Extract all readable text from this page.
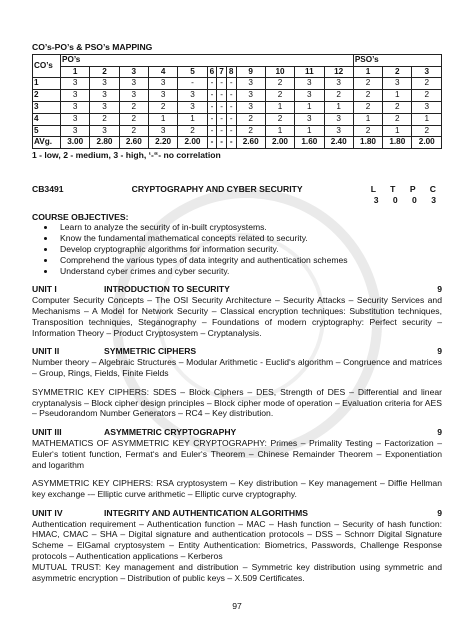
CO’s-PO’s & PSO’s MAPPING
CO’s	PO’s												PSO’s		
	1	2	3	4	5	6	7	8	9	10	11	12	1	2	3
1	3	3	3	3	-	-	-	-	3	2	3	3	2	3	2
2	3	3	3	3	3	-	-	-	3	2	3	2	2	1	2
3	3	3	2	2	3	-	-	-	3	1	1	1	2	2	3
4	3	2	2	1	1	-	-	-	2	2	3	3	1	2	1
5	3	3	2	3	2	-	-	-	2	1	1	3	2	1	2
AVg.	3.00	2.80	2.60	2.20	2.00	-	-	-	2.60	2.00	1.60	2.40	1.80	1.80	2.00
1 - low, 2 - medium, 3 - high, ‘-“- no correlation
CB3491	CRYPTOGRAPHY AND CYBER SECURITY	L T P C
3 0 0 3
COURSE OBJECTIVES:
• Learn to analyze the security of in-built cryptosystems.
• Know the fundamental mathematical concepts related to security.
• Develop cryptographic algorithms for information security.
• Comprehend the various types of data integrity and authentication schemes
• Understand cyber crimes and cyber security.
UNIT I	INTRODUCTION TO SECURITY	9

Computer Security Concepts – The OSI Security Architecture – Security Attacks – Security Services and Mechanisms – A Model for Network Security – Classical encryption techniques: Substitution techniques, Transposition techniques, Steganography – Foundations of modern cryptography: Perfect security – Information Theory – Product Cryptosystem – Cryptanalysis.

UNIT II	SYMMETRIC CIPHERS	9

Number theory – Algebraic Structures – Modular Arithmetic - Euclid‘s algorithm – Congruence and matrices – Group, Rings, Fields, Finite Fields

SYMMETRIC KEY CIPHERS: SDES – Block Ciphers – DES, Strength of DES – Differential and linear cryptanalysis – Block cipher design principles – Block cipher mode of operation – Evaluation criteria for AES – Pseudorandom Number Generators – RC4 – Key distribution.

UNIT III	ASYMMETRIC CRYPTOGRAPHY	9

MATHEMATICS OF ASYMMETRIC KEY CRYPTOGRAPHY: Primes – Primality Testing – Factorization – Euler‘s totient function, Fermat‘s and Euler‘s Theorem – Chinese Remainder Theorem – Exponentiation and logarithm

ASYMMETRIC KEY CIPHERS: RSA cryptosystem – Key distribution – Key management – Diffie Hellman key exchange -– Elliptic curve arithmetic – Elliptic curve cryptography.

UNIT IV	INTEGRITY AND AUTHENTICATION ALGORITHMS	9

Authentication requirement – Authentication function – MAC – Hash function – Security of hash function: HMAC, CMAC – SHA – Digital signature and authentication protocols – DSS – Schnorr Digital Signature Scheme – ElGamal cryptosystem – Entity Authentication: Biometrics, Passwords, Challenge Response protocols – Authentication applications – Kerberos

MUTUAL TRUST: Key management and distribution – Symmetric key distribution using symmetric and asymmetric encryption – Distribution of public keys – X.509 Certificates.

97
